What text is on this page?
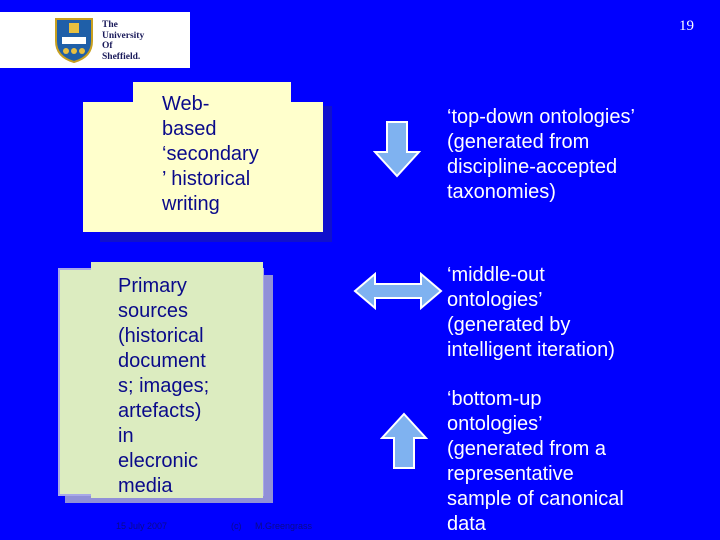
The
University
Of
Sheffield.
19
Web-
based
‘secondary
’ historical
writing
Primary
sources
(historical
document
s; images;
artefacts)
in
elecronic
media
‘top-down ontologies’
(generated from
discipline-accepted
taxonomies)
‘middle-out
ontologies’
(generated by
intelligent iteration)
‘bottom-up
ontologies’
(generated from a
representative
sample of canonical
data
15 July 2007	(c) M.Greengrass
